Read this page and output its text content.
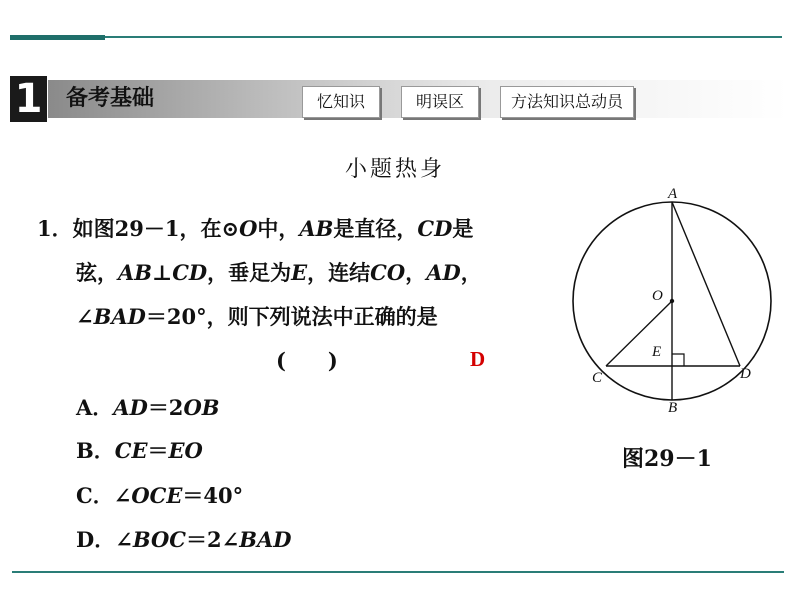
1 备考基础	忆知识	明误区	方法知识总动员
小题热身
1．如图29－1，在⊙O中，AB是直径，CD是
弦，AB⊥CD，垂足为E，连结CO，AD，
∠BAD＝20°，则下列说法中正确的是
(　　)	D
A．AD＝2OB
B．CE＝EO
C．∠OCE＝40°
D．∠BOC＝2∠BAD
A
B
C	D
E
O
图29－1
